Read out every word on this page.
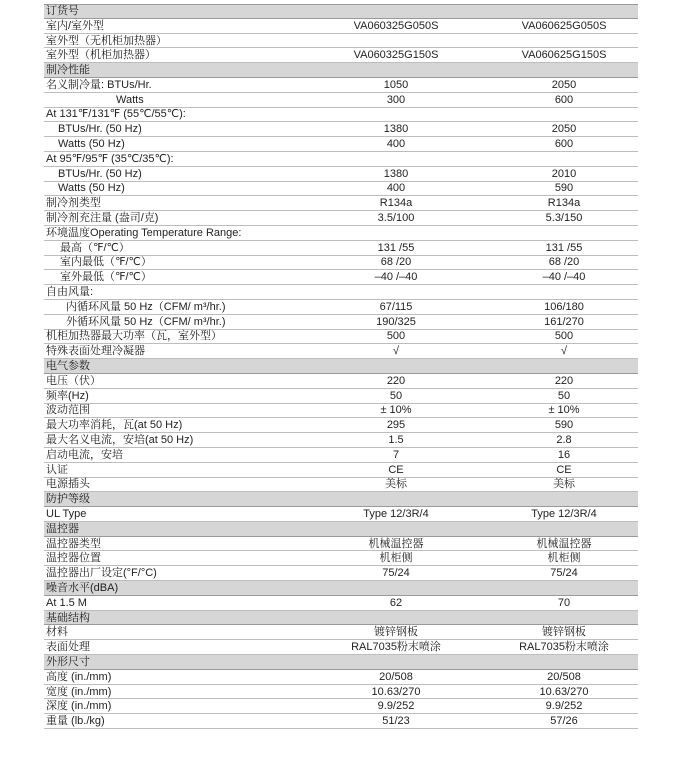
订货号
室内/室外型	VA060325G050S	VA060625G050S
室外型（无机柜加热器）
室外型（机柜加热器）	VA060325G150S	VA060625G150S
制冷性能
名义制冷量: BTUs/Hr.	1050	2050
Watts	300	600
At 131℉/131℉ (55℃/55℃):
BTUs/Hr. (50 Hz)	1380	2050
Watts (50 Hz)	400	600
At 95℉/95℉ (35℃/35℃):
BTUs/Hr. (50 Hz)	1380	2010
Watts (50 Hz)	400	590
制冷剂类型	R134a	R134a
制冷剂充注量 (盎司/克)	3.5/100	5.3/150
环境温度Operating Temperature Range:
最高（℉/℃）	131 /55	131 /55
室内最低（℉/℃）	68 /20	68 /20
室外最低（℉/℃）	–40 /–40	–40 /–40
自由风量:
内循环风量 50 Hz（CFM/ m³/hr.)	67/115	106/180
外循环风量 50 Hz（CFM/ m³/hr.)	190/325	161/270
机柜加热器最大功率（瓦，室外型）	500	500
特殊表面处理冷凝器	√	√
电气参数
电压（伏）	220	220
频率(Hz)	50	50
波动范围	± 10%	± 10%
最大功率消耗，瓦(at 50 Hz)	295	590
最大名义电流，安培(at 50 Hz)	1.5	2.8
启动电流，安培	7	16
认证	CE	CE
电源插头	美标	美标
防护等级
UL Type	Type 12/3R/4	Type 12/3R/4
温控器
温控器类型	机械温控器	机械温控器
温控器位置	机柜侧	机柜侧
温控器出厂设定(°F/°C)	75/24	75/24
噪音水平(dBA)
At 1.5 M	62	70
基础结构
材料	镀锌钢板	镀锌钢板
表面处理	RAL7035粉末喷涂	RAL7035粉末喷涂
外形尺寸
高度 (in./mm)	20/508	20/508
宽度 (in./mm)	10.63/270	10.63/270
深度 (in./mm)	9.9/252	9.9/252
重量 (lb./kg)	51/23	57/26
